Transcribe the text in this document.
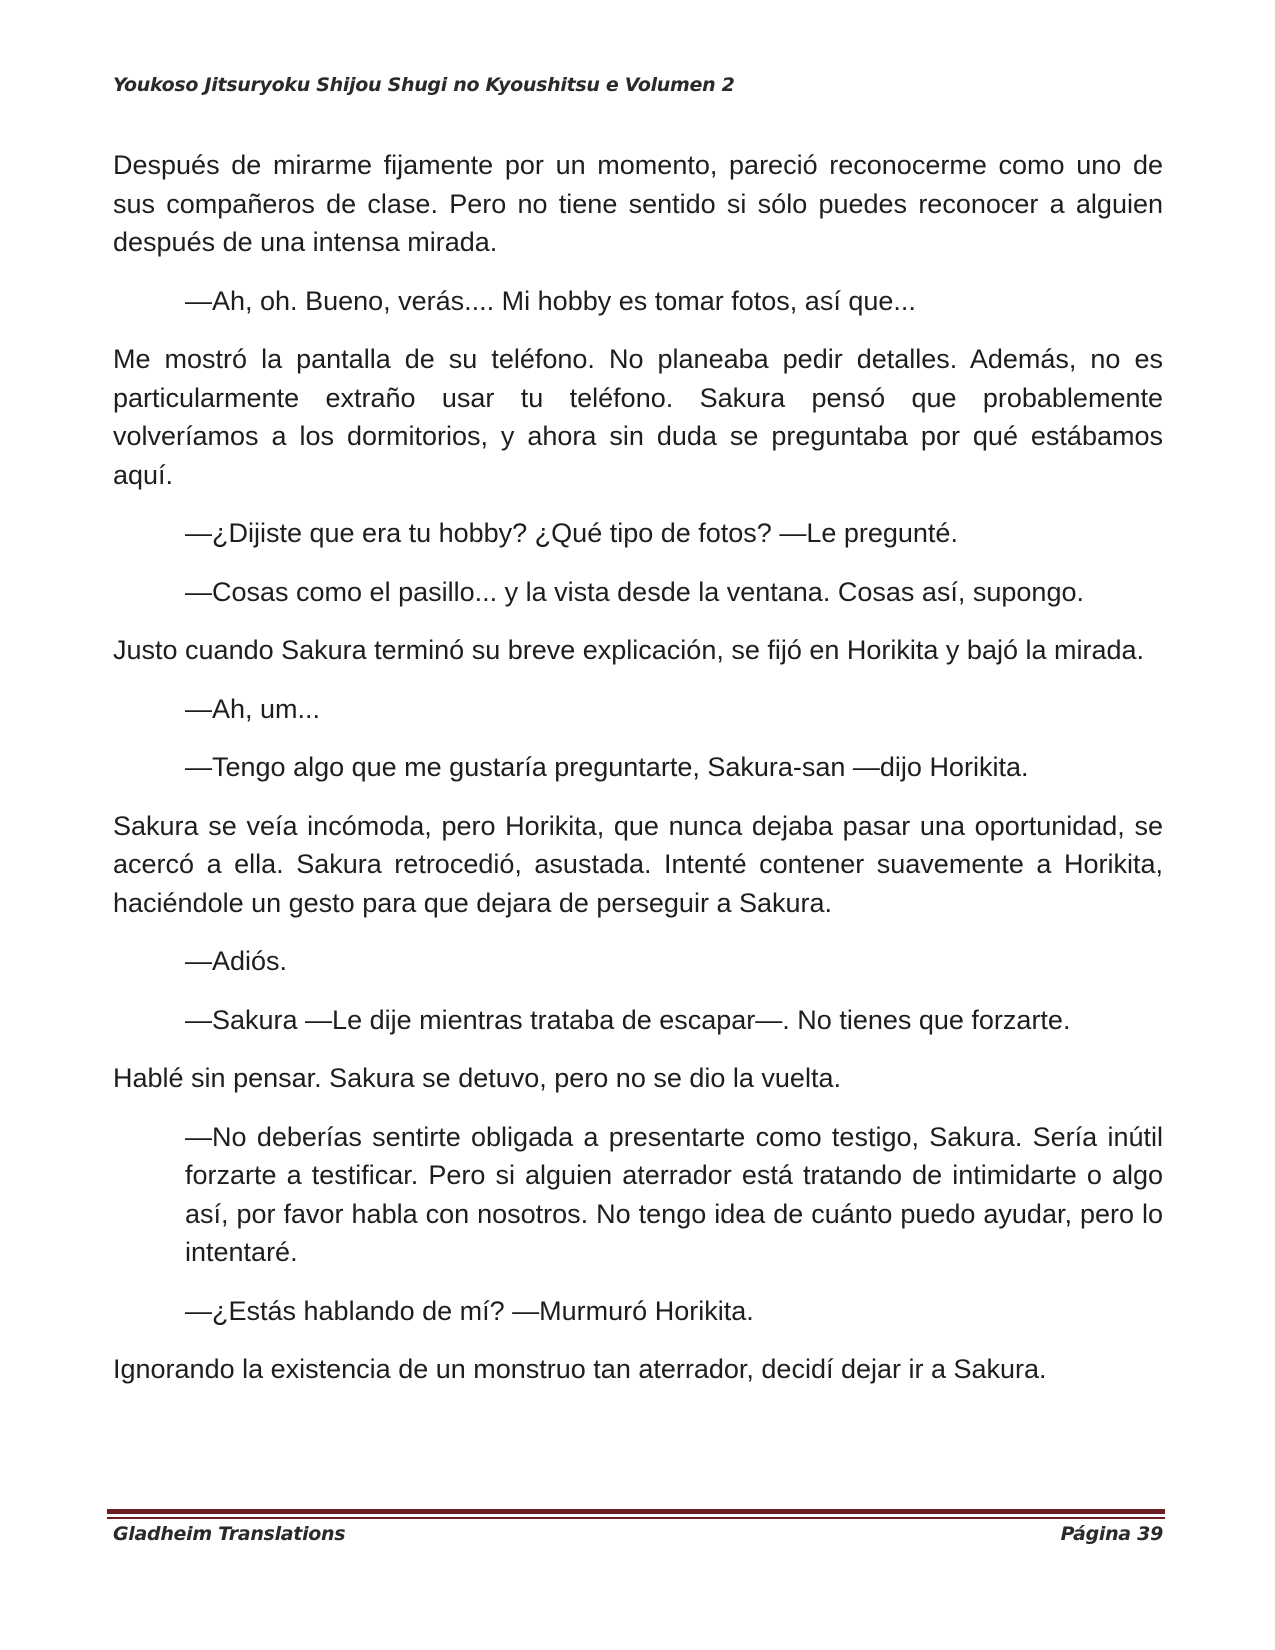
Youkoso Jitsuryoku Shijou Shugi no Kyoushitsu e Volumen 2

Después de mirarme fijamente por un momento, pareció reconocerme como uno de sus compañeros de clase. Pero no tiene sentido si sólo puedes reconocer a alguien después de una intensa mirada.

—Ah, oh. Bueno, verás.... Mi hobby es tomar fotos, así que...

Me mostró la pantalla de su teléfono. No planeaba pedir detalles. Además, no es particularmente extraño usar tu teléfono. Sakura pensó que probablemente volveríamos a los dormitorios, y ahora sin duda se preguntaba por qué estábamos aquí.

—¿Dijiste que era tu hobby? ¿Qué tipo de fotos? —Le pregunté.

—Cosas como el pasillo... y la vista desde la ventana. Cosas así, supongo.

Justo cuando Sakura terminó su breve explicación, se fijó en Horikita y bajó la mirada.

—Ah, um...

—Tengo algo que me gustaría preguntarte, Sakura-san —dijo Horikita.

Sakura se veía incómoda, pero Horikita, que nunca dejaba pasar una oportunidad, se acercó a ella. Sakura retrocedió, asustada. Intenté contener suavemente a Horikita, haciéndole un gesto para que dejara de perseguir a Sakura.

—Adiós.

—Sakura —Le dije mientras trataba de escapar—. No tienes que forzarte.

Hablé sin pensar. Sakura se detuvo, pero no se dio la vuelta.

—No deberías sentirte obligada a presentarte como testigo, Sakura. Sería inútil forzarte a testificar. Pero si alguien aterrador está tratando de intimidarte o algo así, por favor habla con nosotros. No tengo idea de cuánto puedo ayudar, pero lo intentaré.

—¿Estás hablando de mí? —Murmuró Horikita.

Ignorando la existencia de un monstruo tan aterrador, decidí dejar ir a Sakura.

Gladheim Translations	Página 39
